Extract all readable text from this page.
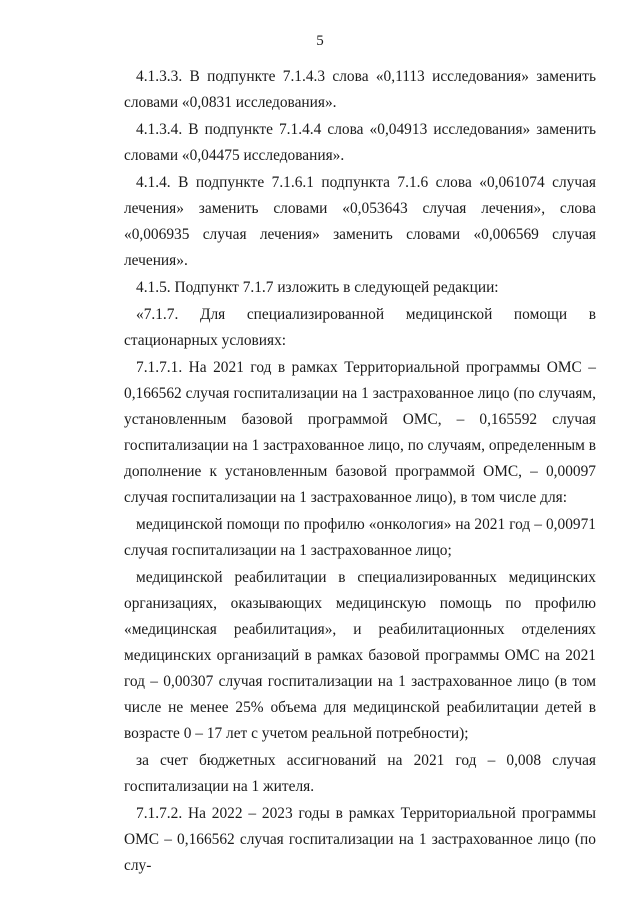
5

4.1.3.3. В подпункте 7.1.4.3 слова «0,1113 исследования» заменить словами «0,0831 исследования».

4.1.3.4. В подпункте 7.1.4.4 слова «0,04913 исследования» заменить словами «0,04475 исследования».

4.1.4. В подпункте 7.1.6.1 подпункта 7.1.6 слова «0,061074 случая лечения» заменить словами «0,053643 случая лечения», слова «0,006935 случая лечения» заменить словами «0,006569 случая лечения».

4.1.5. Подпункт 7.1.7 изложить в следующей редакции:

«7.1.7. Для специализированной медицинской помощи в стационарных условиях:

7.1.7.1. На 2021 год в рамках Территориальной программы ОМС – 0,166562 случая госпитализации на 1 застрахованное лицо (по случаям, установленным базовой программой ОМС, – 0,165592 случая госпитализации на 1 застрахованное лицо, по случаям, определенным в дополнение к установленным базовой программой ОМС, – 0,00097 случая госпитализации на 1 застрахованное лицо), в том числе для:

медицинской помощи по профилю «онкология» на 2021 год – 0,00971 случая госпитализации на 1 застрахованное лицо;

медицинской реабилитации в специализированных медицинских организациях, оказывающих медицинскую помощь по профилю «медицинская реабилитация», и реабилитационных отделениях медицинских организаций в рамках базовой программы ОМС на 2021 год – 0,00307 случая госпитализации на 1 застрахованное лицо (в том числе не менее 25% объема для медицинской реабилитации детей в возрасте 0 – 17 лет с учетом реальной потребности);

за счет бюджетных ассигнований на 2021 год – 0,008 случая госпитализации на 1 жителя.

7.1.7.2. На 2022 – 2023 годы в рамках Территориальной программы ОМС – 0,166562 случая госпитализации на 1 застрахованное лицо (по слу-
